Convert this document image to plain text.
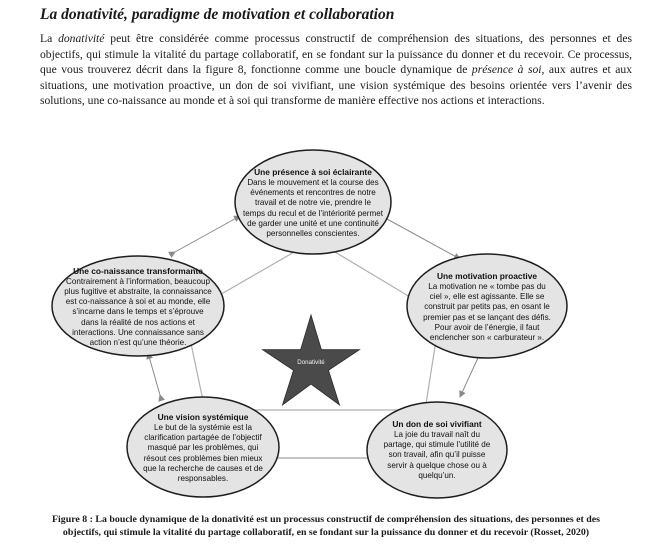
La donativité, paradigme de motivation et collaboration

La donativité peut être considérée comme processus constructif de compréhension des situations, des personnes et des objectifs, qui stimule la vitalité du partage collaboratif, en se fondant sur la puissance du donner et du recevoir. Ce processus, que vous trouverez décrit dans la figure 8, fonctionne comme une boucle dynamique de présence à soi, aux autres et aux situations, une motivation proactive, un don de soi vivifiant, une vision systémique des besoins orientée vers l’avenir des solutions, une co-naissance au monde et à soi qui transforme de manière effective nos actions et interactions.

Donativité
Une présence à soi éclairante
Dans le mouvement et la course des événements et rencontres de notre travail et de notre vie, prendre le temps du recul et de l’intériorité permet de garder une unité et une continuité personnelles conscientes.
Une motivation proactive
La motivation ne « tombe pas du ciel », elle est agissante. Elle se construit par petits pas, en osant le premier pas et se lançant des défis. Pour avoir de l’énergie, il faut enclencher son « carburateur ».
Un don de soi vivifiant
La joie du travail naît du partage, qui stimule l’utilité de son travail, afin qu’il puisse servir à quelque chose ou à quelqu’un.
Une vision systémique
Le but de la systémie est la clarification partagée de l’objectif masqué par les problèmes, qui résout ces problèmes bien mieux que la recherche de causes et de responsables.
Une co-naissance transformante
Contrairement à l’information, beaucoup plus fugitive et abstraite, la connaissance est co-naissance à soi et au monde, elle s’incarne dans le temps et s’éprouve dans la réalité de nos actions et interactions. Une connaissance sans action n’est qu’une théorie.

Figure 8 : La boucle dynamique de la donativité est un processus constructif de compréhension des situations, des personnes et des objectifs, qui stimule la vitalité du partage collaboratif, en se fondant sur la puissance du donner et du recevoir (Rosset, 2020)
